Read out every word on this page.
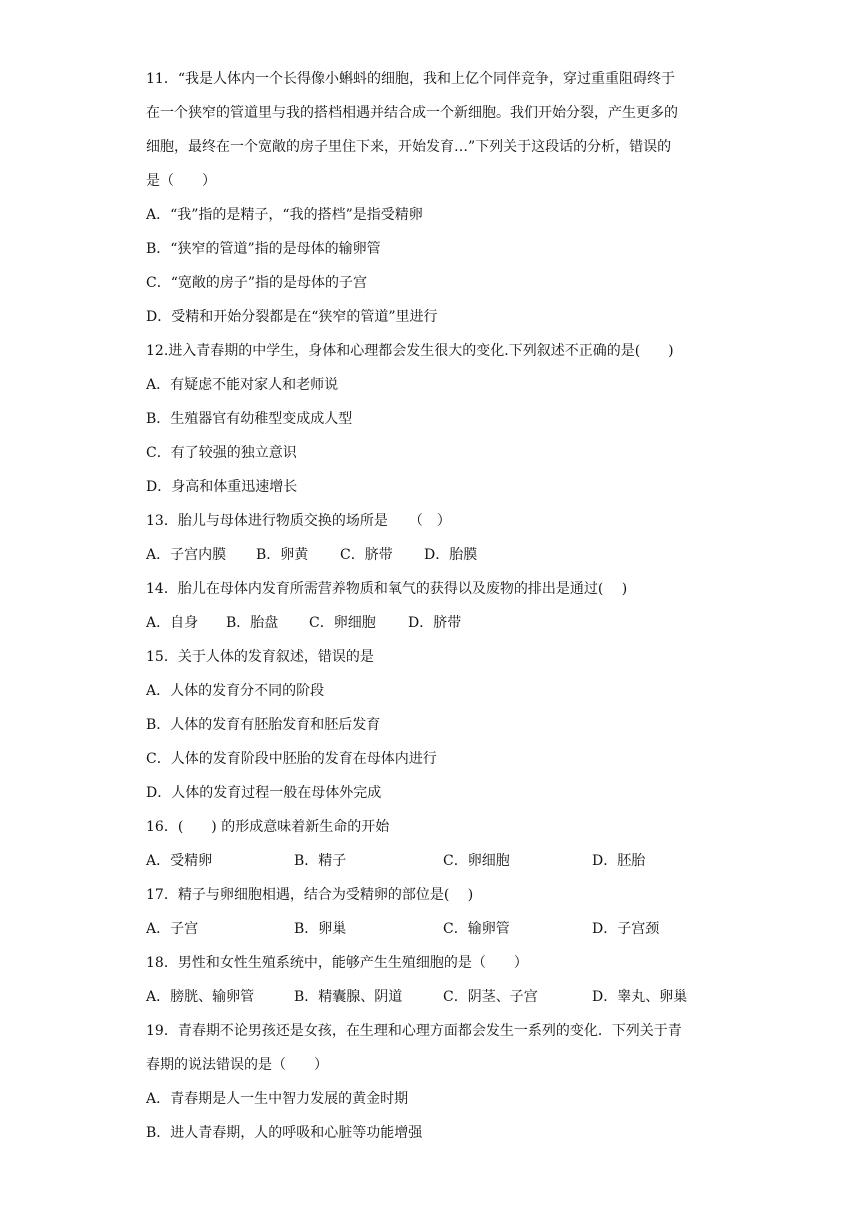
11．“我是人体内一个长得像小蝌蚪的细胞，我和上亿个同伴竞争，穿过重重阻碍终于
在一个狭窄的管道里与我的搭档相遇并结合成一个新细胞。我们开始分裂，产生更多的
细胞，最终在一个宽敞的房子里住下来，开始发育…”下列关于这段话的分析，错误的
是（　　）
A．“我”指的是精子，“我的搭档”是指受精卵
B．“狭窄的管道”指的是母体的输卵管
C．“宽敞的房子”指的是母体的子宫
D．受精和开始分裂都是在“狭窄的管道”里进行
12.进入青春期的中学生，身体和心理都会发生很大的变化.下列叙述不正确的是(　　)
A．有疑虑不能对家人和老师说
B．生殖器官有幼稚型变成成人型
C．有了较强的独立意识
D．身高和体重迅速增长
13．胎儿与母体进行物质交换的场所是　　（　）
A．子宫内膜 B．卵黄 C．脐带 D．胎膜
14．胎儿在母体内发育所需营养物质和氧气的获得以及废物的排出是通过(　 )
A．自身 B．胎盘 C．卵细胞 D．脐带
15．关于人体的发育叙述，错误的是
A．人体的发育分不同的阶段
B．人体的发育有胚胎发育和胚后发育
C．人体的发育阶段中胚胎的发育在母体内进行
D．人体的发育过程一般在母体外完成
16．(　　) 的形成意味着新生命的开始
A．受精卵	B．精子	C．卵细胞	D．胚胎
17．精子与卵细胞相遇，结合为受精卵的部位是(　 )
A．子宫	B．卵巢	C．输卵管	D．子宫颈
18．男性和女性生殖系统中，能够产生生殖细胞的是（　　）
A．膀胱、输卵管	B．精囊腺、阴道	C．阴茎、子宫	D．睾丸、卵巢
19．青春期不论男孩还是女孩，在生理和心理方面都会发生一系列的变化．下列关于青
春期的说法错误的是（　　）
A．青春期是人一生中智力发展的黄金时期
B．进人青春期，人的呼吸和心脏等功能增强
